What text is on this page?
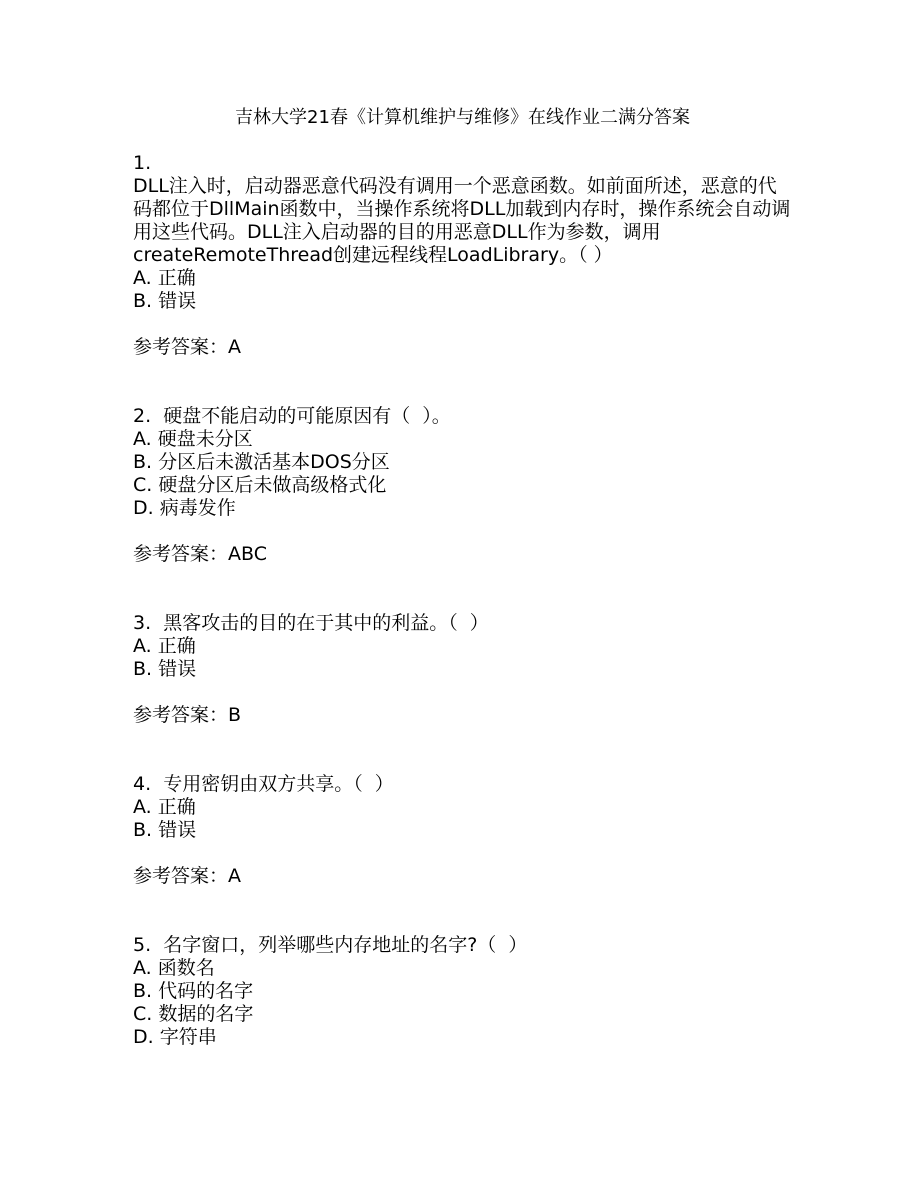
吉林大学21春《计算机维护与维修》在线作业二满分答案
1.
DLL注入时，启动器恶意代码没有调用一个恶意函数。如前面所述，恶意的代码都位于DllMain函数中，当操作系统将DLL加载到内存时，操作系统会自动调用这些代码。DLL注入启动器的目的用恶意DLL作为参数，调用createRemoteThread创建远程线程LoadLibrary。（ ）
A. 正确
B. 错误
参考答案：A
2.  硬盘不能启动的可能原因有（  ）。
A. 硬盘未分区
B. 分区后未激活基本DOS分区
C. 硬盘分区后未做高级格式化
D. 病毒发作
参考答案：ABC
3.  黑客攻击的目的在于其中的利益。（  ）
A. 正确
B. 错误
参考答案：B
4.  专用密钥由双方共享。（  ）
A. 正确
B. 错误
参考答案：A
5.  名字窗口，列举哪些内存地址的名字?（  ）
A. 函数名
B. 代码的名字
C. 数据的名字
D. 字符串
